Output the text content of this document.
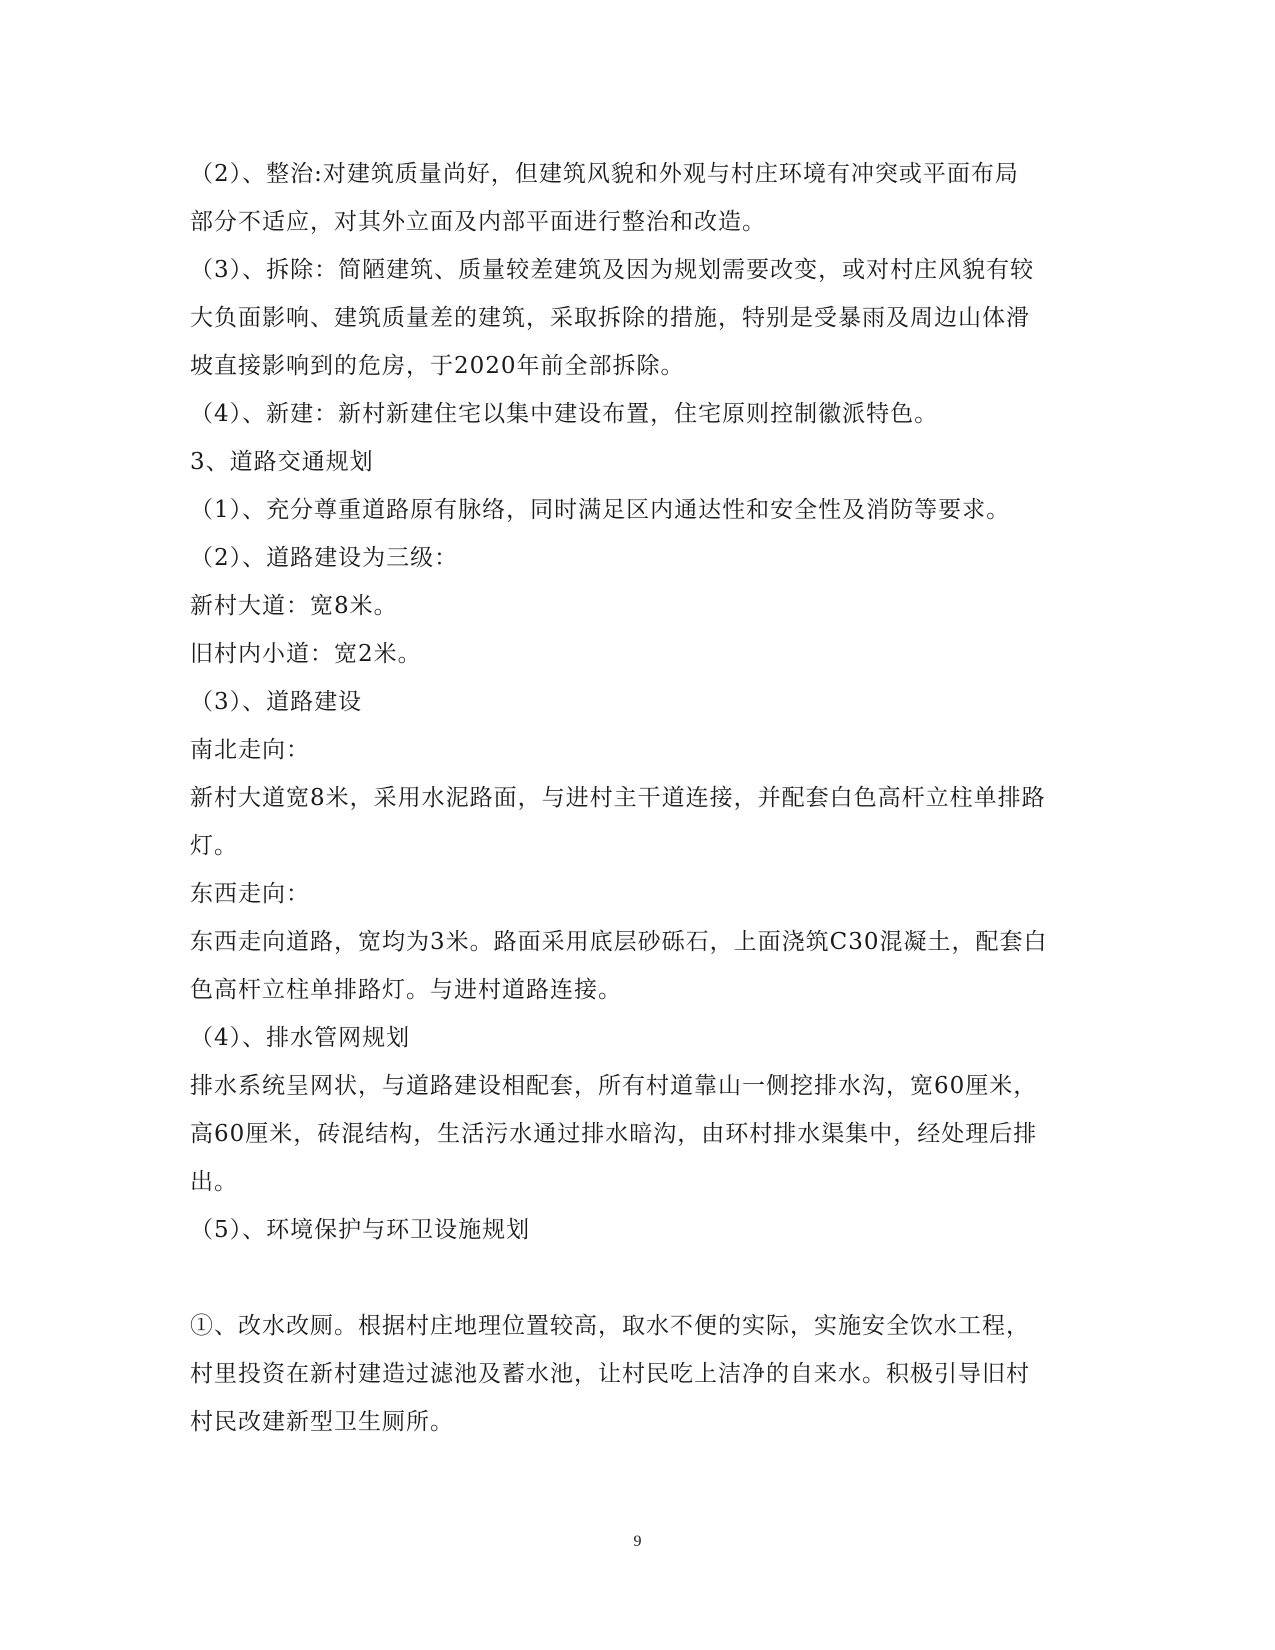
（2）、整治:对建筑质量尚好，但建筑风貌和外观与村庄环境有冲突或平面布局
部分不适应，对其外立面及内部平面进行整治和改造。
（3）、拆除：简陋建筑、质量较差建筑及因为规划需要改变，或对村庄风貌有较
大负面影响、建筑质量差的建筑，采取拆除的措施，特别是受暴雨及周边山体滑
坡直接影响到的危房，于2020年前全部拆除。
（4）、新建：新村新建住宅以集中建设布置，住宅原则控制徽派特色。
3、道路交通规划
（1）、充分尊重道路原有脉络，同时满足区内通达性和安全性及消防等要求。
（2）、道路建设为三级：
新村大道：宽8米。
旧村内小道：宽2米。
（3）、道路建设
南北走向：
新村大道宽8米，采用水泥路面，与进村主干道连接，并配套白色高杆立柱单排路
灯。
东西走向：
东西走向道路，宽均为3米。路面采用底层砂砾石，上面浇筑C30混凝土，配套白
色高杆立柱单排路灯。与进村道路连接。
（4）、排水管网规划
排水系统呈网状，与道路建设相配套，所有村道靠山一侧挖排水沟，宽60厘米，
高60厘米，砖混结构，生活污水通过排水暗沟，由环村排水渠集中，经处理后排
出。
（5）、环境保护与环卫设施规划
①、改水改厕。根据村庄地理位置较高，取水不便的实际，实施安全饮水工程，
村里投资在新村建造过滤池及蓄水池，让村民吃上洁净的自来水。积极引导旧村
村民改建新型卫生厕所。
9
